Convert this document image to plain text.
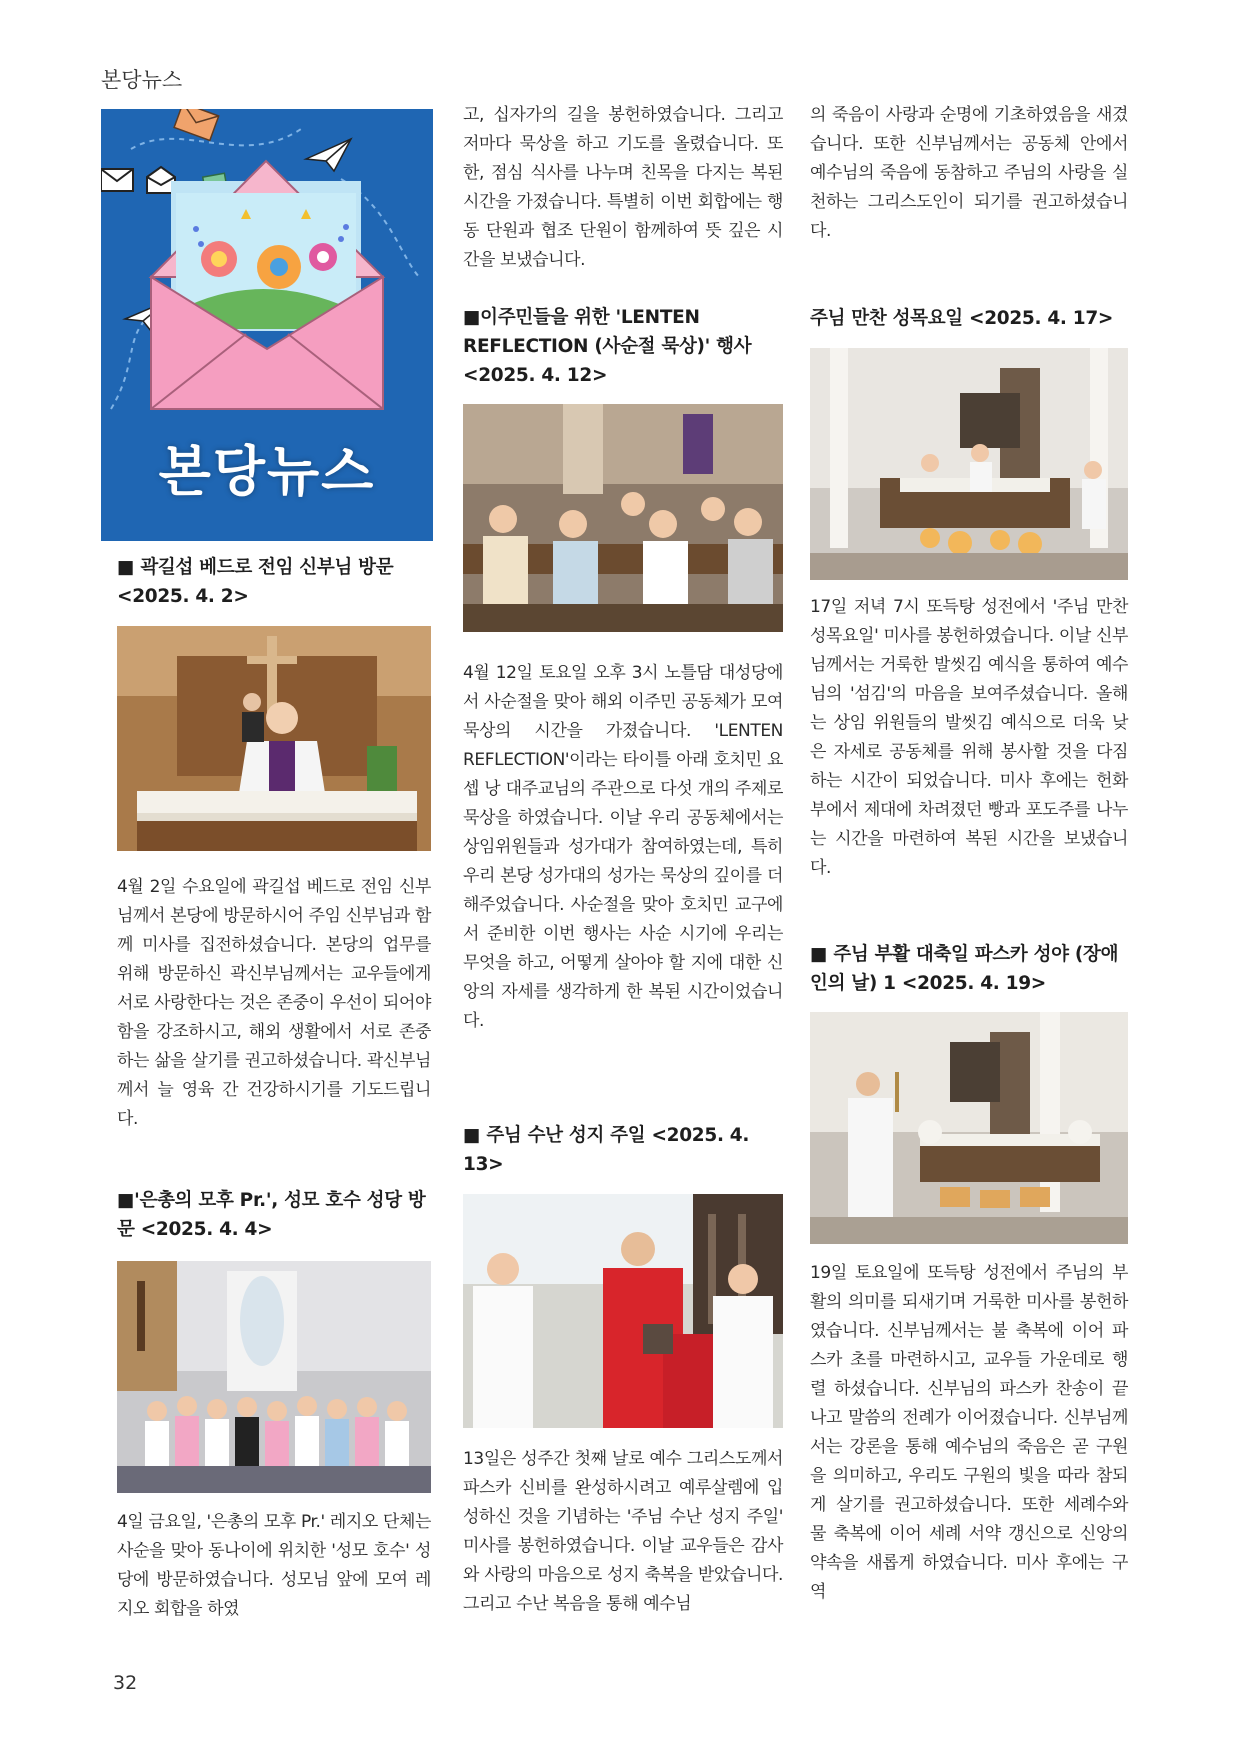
본당뉴스
본당뉴스
■ 곽길섭 베드로 전임 신부님 방문 <2025. 4. 2>

4월 2일 수요일에 곽길섭 베드로 전임 신부님께서 본당에 방문하시어 주임 신부님과 함께 미사를 집전하셨습니다. 본당의 업무를 위해 방문하신 곽신부님께서는 교우들에게 서로 사랑한다는 것은 존중이 우선이 되어야 함을 강조하시고, 해외 생활에서 서로 존중하는 삶을 살기를 권고하셨습니다. 곽신부님께서 늘 영육 간 건강하시기를 기도드립니다.

■'은총의 모후 Pr.', 성모 호수 성당 방문 <2025. 4. 4>

4일 금요일, '은총의 모후 Pr.' 레지오 단체는 사순을 맞아 동나이에 위치한 '성모 호수' 성당에 방문하였습니다. 성모님 앞에 모여 레지오 회합을 하였

고, 십자가의 길을 봉헌하였습니다. 그리고 저마다 묵상을 하고 기도를 올렸습니다. 또한, 점심 식사를 나누며 친목을 다지는 복된 시간을 가졌습니다. 특별히 이번 회합에는 행동 단원과 협조 단원이 함께하여 뜻 깊은 시간을 보냈습니다.

■이주민들을 위한 'LENTEN REFLECTION (사순절 묵상)' 행사 <2025. 4. 12>

4월 12일 토요일 오후 3시 노틀담 대성당에서 사순절을 맞아 해외 이주민 공동체가 모여 묵상의 시간을 가졌습니다. 'LENTEN REFLECTION'이라는 타이틀 아래 호치민 요셉 낭 대주교님의 주관으로 다섯 개의 주제로 묵상을 하였습니다. 이날 우리 공동체에서는 상임위원들과 성가대가 참여하였는데, 특히 우리 본당 성가대의 성가는 묵상의 깊이를 더해주었습니다. 사순절을 맞아 호치민 교구에서 준비한 이번 행사는 사순 시기에 우리는 무엇을 하고, 어떻게 살아야 할 지에 대한 신앙의 자세를 생각하게 한 복된 시간이었습니다.

■ 주님 수난 성지 주일 <2025. 4. 13>

13일은 성주간 첫째 날로 예수 그리스도께서 파스카 신비를 완성하시려고 예루살렘에 입성하신 것을 기념하는 '주님 수난 성지 주일' 미사를 봉헌하였습니다. 이날 교우들은 감사와 사랑의 마음으로 성지 축복을 받았습니다. 그리고 수난 복음을 통해 예수님

의 죽음이 사랑과 순명에 기초하였음을 새겼습니다. 또한 신부님께서는 공동체 안에서 예수님의 죽음에 동참하고 주님의 사랑을 실천하는 그리스도인이 되기를 권고하셨습니다.

주님 만찬 성목요일 <2025. 4. 17>

17일 저녁 7시 또득탕 성전에서 '주님 만찬 성목요일' 미사를 봉헌하였습니다. 이날 신부님께서는 거룩한 발씻김 예식을 통하여 예수님의 '섬김'의 마음을 보여주셨습니다. 올해는 상임 위원들의 발씻김 예식으로 더욱 낮은 자세로 공동체를 위해 봉사할 것을 다짐하는 시간이 되었습니다. 미사 후에는 헌화부에서 제대에 차려졌던 빵과 포도주를 나누는 시간을 마련하여 복된 시간을 보냈습니다.

■ 주님 부활 대축일 파스카 성야 (장애인의 날) 1 <2025. 4. 19>

19일 토요일에 또득탕 성전에서 주님의 부활의 의미를 되새기며 거룩한 미사를 봉헌하였습니다. 신부님께서는 불 축복에 이어 파스카 초를 마련하시고, 교우들 가운데로 행렬 하셨습니다. 신부님의 파스카 찬송이 끝나고 말씀의 전례가 이어졌습니다. 신부님께서는 강론을 통해 예수님의 죽음은 곧 구원을 의미하고, 우리도 구원의 빛을 따라 참되게 살기를 권고하셨습니다. 또한 세례수와 물 축복에 이어 세례 서약 갱신으로 신앙의 약속을 새롭게 하였습니다. 미사 후에는 구역

32
